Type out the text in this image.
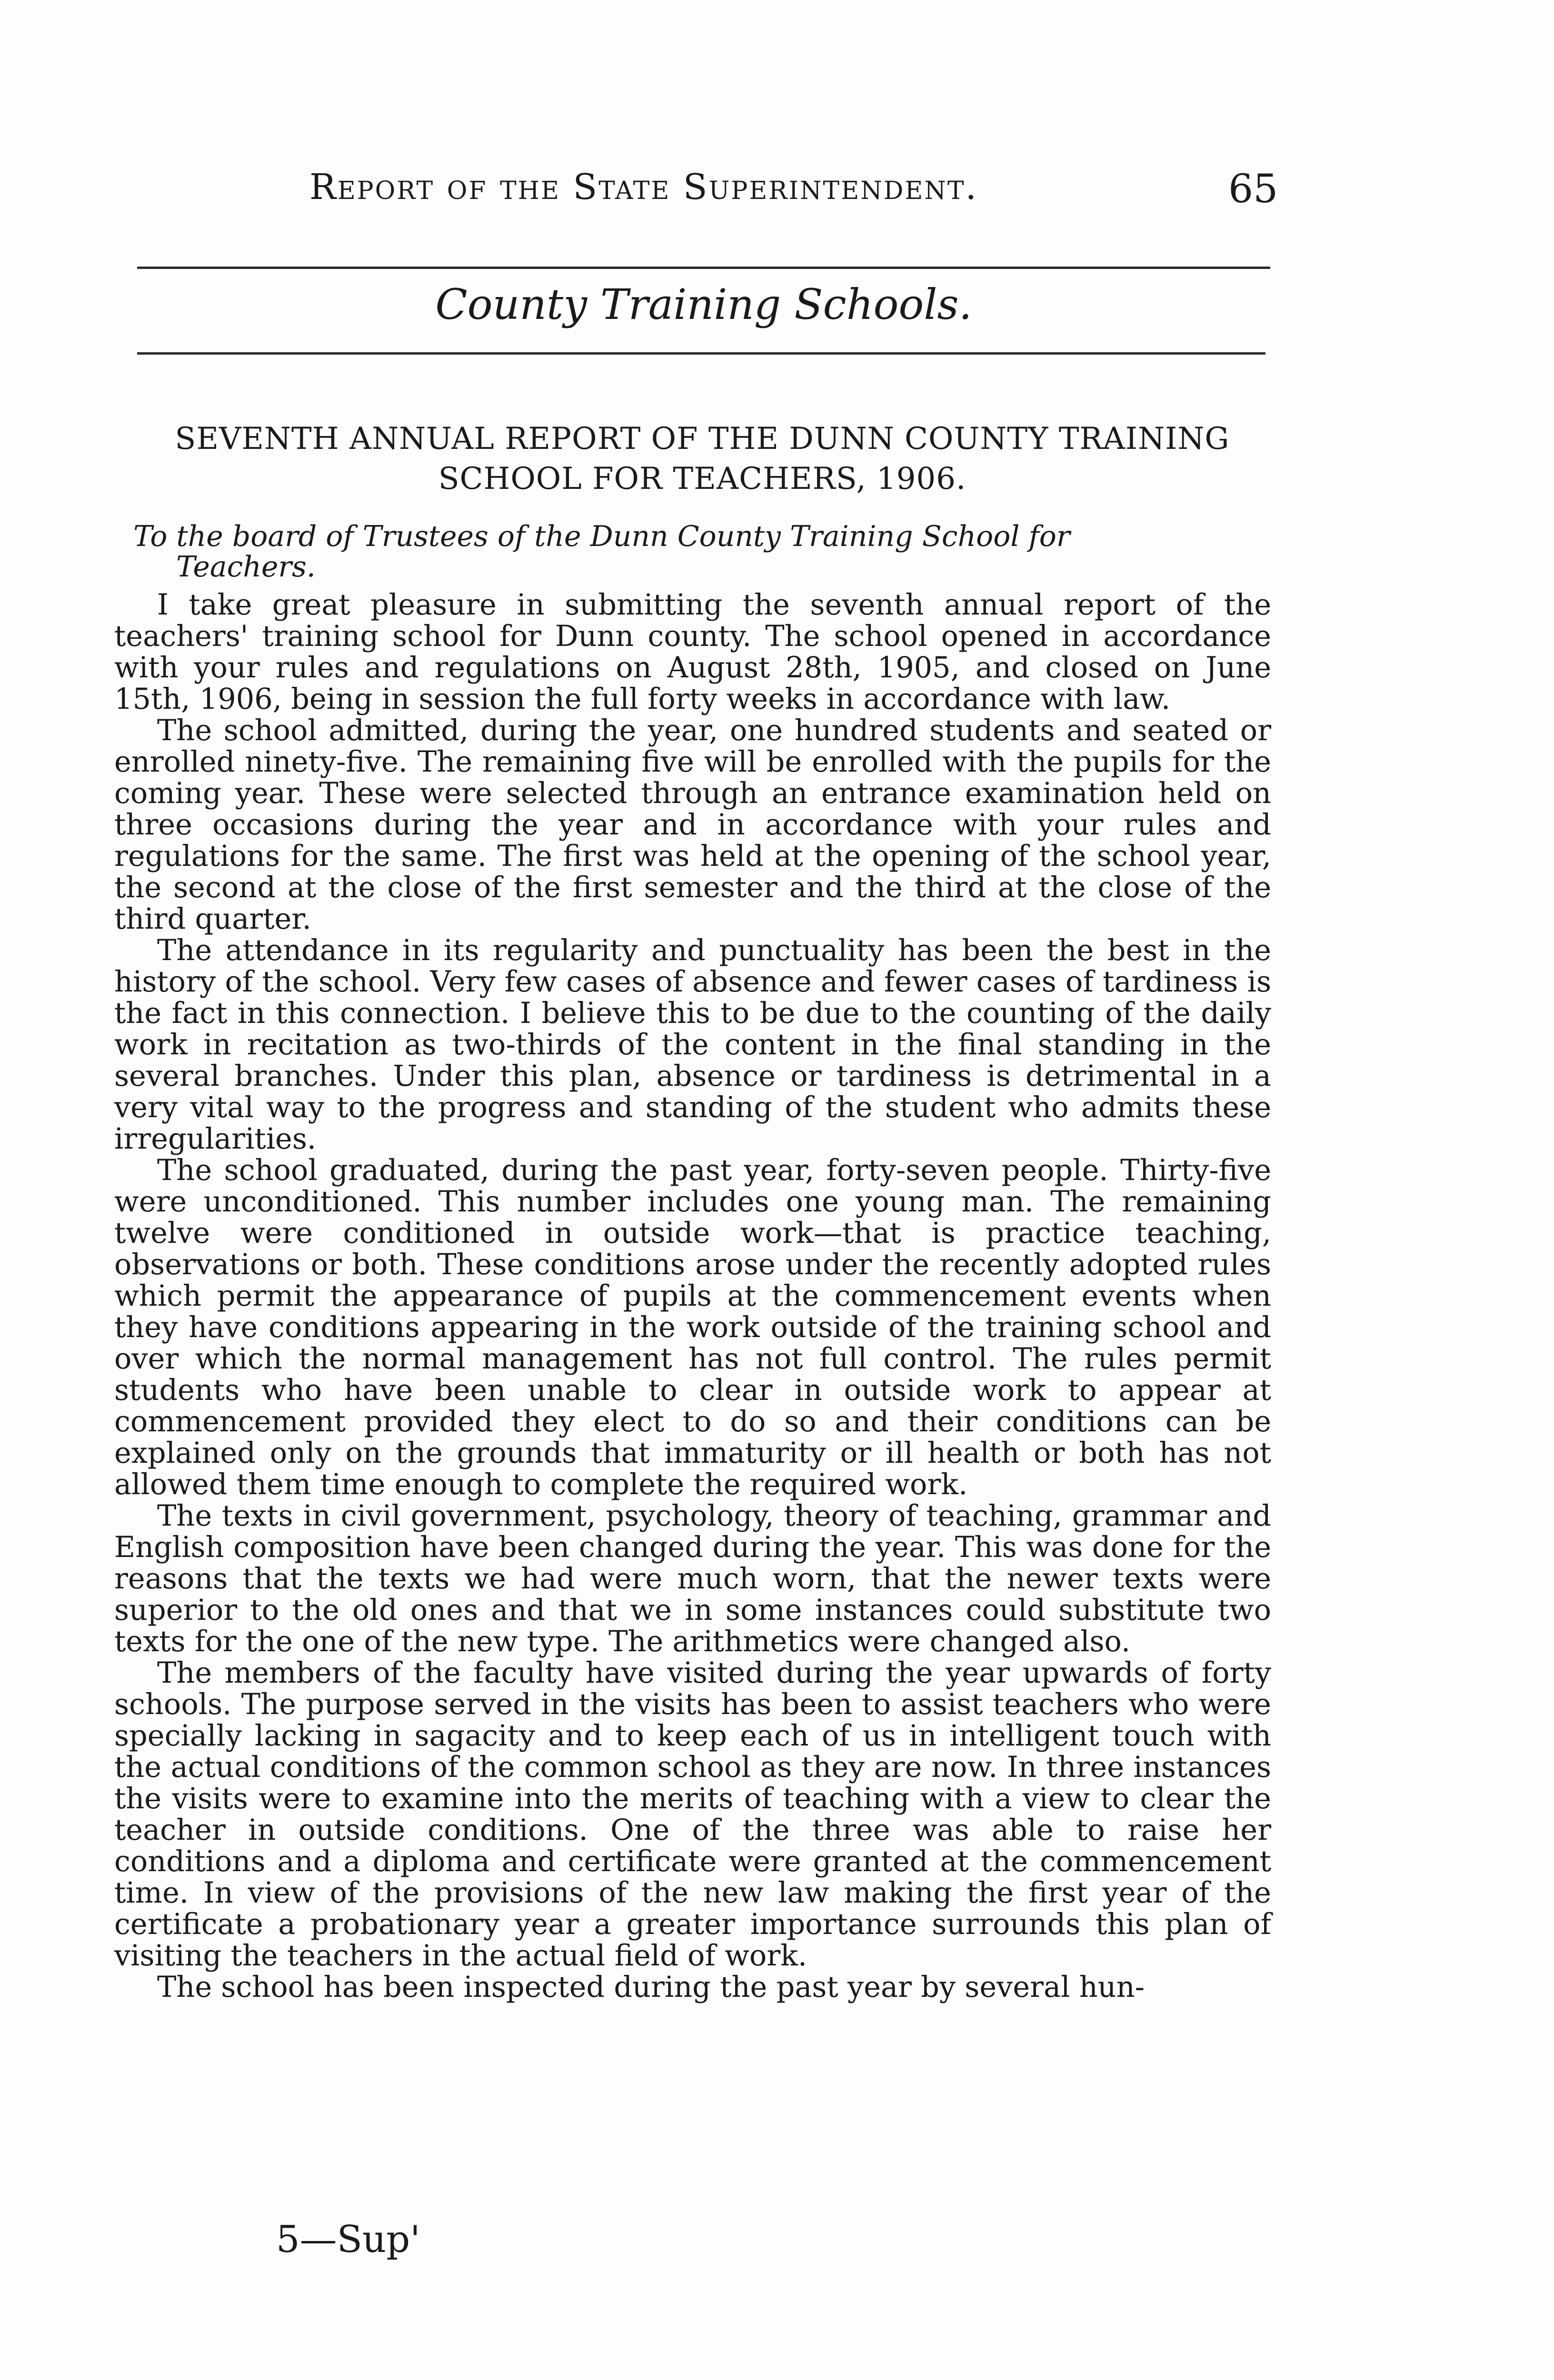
Report of the State Superintendent.	65
County Training Schools.
SEVENTH ANNUAL REPORT OF THE DUNN COUNTY TRAINING
SCHOOL FOR TEACHERS, 1906.
To the board of Trustees of the Dunn County Training School for
Teachers.

I take great pleasure in submitting the seventh annual report of the teachers' training school for Dunn county. The school opened in accordance with your rules and regulations on August 28th, 1905, and closed on June 15th, 1906, being in session the full forty weeks in accordance with law.

The school admitted, during the year, one hundred students and seated or enrolled ninety-five. The remaining five will be enrolled with the pupils for the coming year. These were selected through an entrance examination held on three occasions during the year and in accordance with your rules and regulations for the same. The first was held at the opening of the school year, the second at the close of the first semester and the third at the close of the third quarter.

The attendance in its regularity and punctuality has been the best in the history of the school. Very few cases of absence and fewer cases of tardiness is the fact in this connection. I believe this to be due to the counting of the daily work in recitation as two-thirds of the content in the final standing in the several branches. Under this plan, absence or tardiness is detrimental in a very vital way to the progress and standing of the student who admits these irregularities.

The school graduated, during the past year, forty-seven people. Thirty-five were unconditioned. This number includes one young man. The remaining twelve were conditioned in outside work—that is practice teaching, observations or both. These conditions arose under the recently adopted rules which permit the appearance of pupils at the commencement events when they have conditions appearing in the work outside of the training school and over which the normal management has not full control. The rules permit students who have been unable to clear in outside work to appear at commencement provided they elect to do so and their conditions can be explained only on the grounds that immaturity or ill health or both has not allowed them time enough to complete the required work.

The texts in civil government, psychology, theory of teaching, grammar and English composition have been changed during the year. This was done for the reasons that the texts we had were much worn, that the newer texts were superior to the old ones and that we in some instances could substitute two texts for the one of the new type. The arithmetics were changed also.

The members of the faculty have visited during the year upwards of forty schools. The purpose served in the visits has been to assist teachers who were specially lacking in sagacity and to keep each of us in intelligent touch with the actual conditions of the common school as they are now. In three instances the visits were to examine into the merits of teaching with a view to clear the teacher in outside conditions. One of the three was able to raise her conditions and a diploma and certificate were granted at the commencement time. In view of the provisions of the new law making the first year of the certificate a probationary year a greater importance surrounds this plan of visiting the teachers in the actual field of work.

The school has been inspected during the past year by several hun-

5—Sup'
